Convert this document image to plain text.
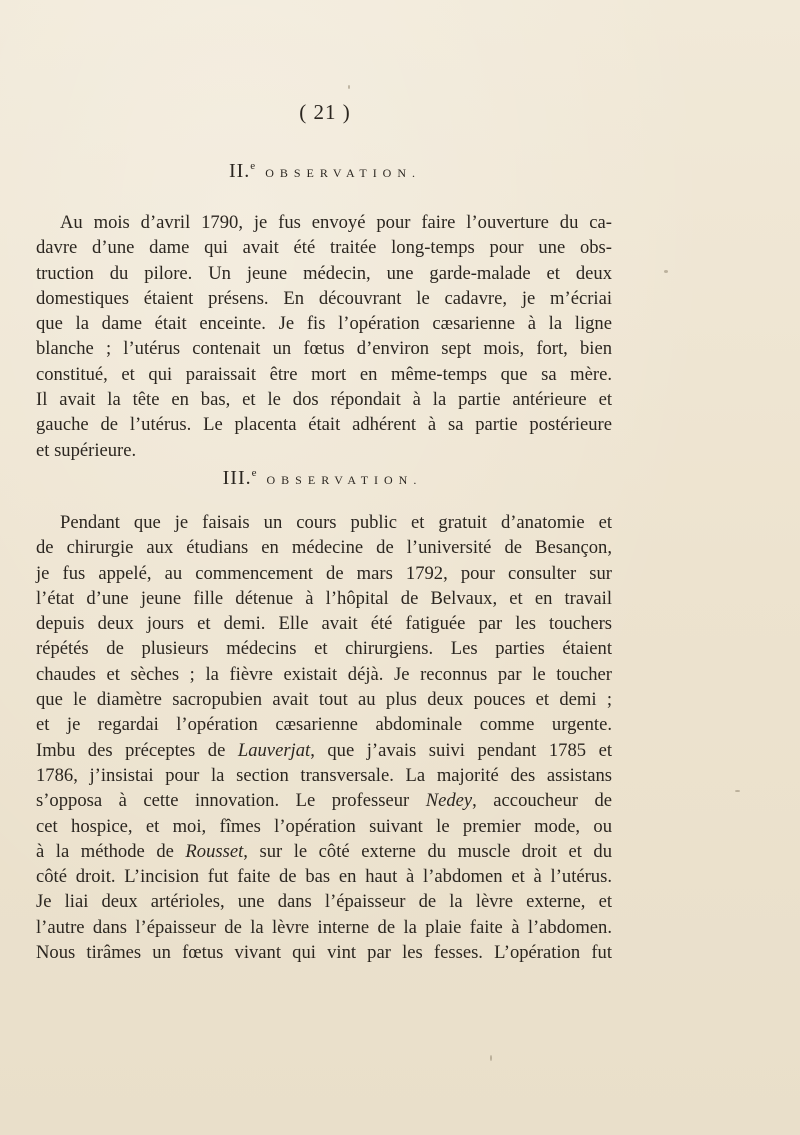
( 21 )
II.$^e$ OBSERVATION.
Au mois d’avril 1790, je fus envoyé pour faire l’ouverture du ca-
davre d’une dame qui avait été traitée long-temps pour une obs-
truction du pilore. Un jeune médecin, une garde-malade et deux
domestiques étaient présens. En découvrant le cadavre, je m’écriai
que la dame était enceinte. Je fis l’opération cæsarienne à la ligne
blanche ; l’utérus contenait un fœtus d’environ sept mois, fort, bien
constitué, et qui paraissait être mort en même-temps que sa mère.
Il avait la tête en bas, et le dos répondait à la partie antérieure et
gauche de l’utérus. Le placenta était adhérent à sa partie postérieure
et supérieure.
III.$^e$ OBSERVATION.
Pendant que je faisais un cours public et gratuit d’anatomie et
de chirurgie aux étudians en médecine de l’université de Besançon,
je fus appelé, au commencement de mars 1792, pour consulter sur
l’état d’une jeune fille détenue à l’hôpital de Belvaux, et en travail
depuis deux jours et demi. Elle avait été fatiguée par les touchers
répétés de plusieurs médecins et chirurgiens. Les parties étaient
chaudes et sèches ; la fièvre existait déjà. Je reconnus par le toucher
que le diamètre sacropubien avait tout au plus deux pouces et demi ;
et je regardai l’opération cæsarienne abdominale comme urgente.
Imbu des préceptes de Lauverjat, que j’avais suivi pendant 1785 et
1786, j’insistai pour la section transversale. La majorité des assistans
s’opposa à cette innovation. Le professeur Nedey, accoucheur de
cet hospice, et moi, fîmes l’opération suivant le premier mode, ou
à la méthode de Rousset, sur le côté externe du muscle droit et du
côté droit. L’incision fut faite de bas en haut à l’abdomen et à l’utérus.
Je liai deux artérioles, une dans l’épaisseur de la lèvre externe, et
l’autre dans l’épaisseur de la lèvre interne de la plaie faite à l’abdomen.
Nous tirâmes un fœtus vivant qui vint par les fesses. L’opération fut
